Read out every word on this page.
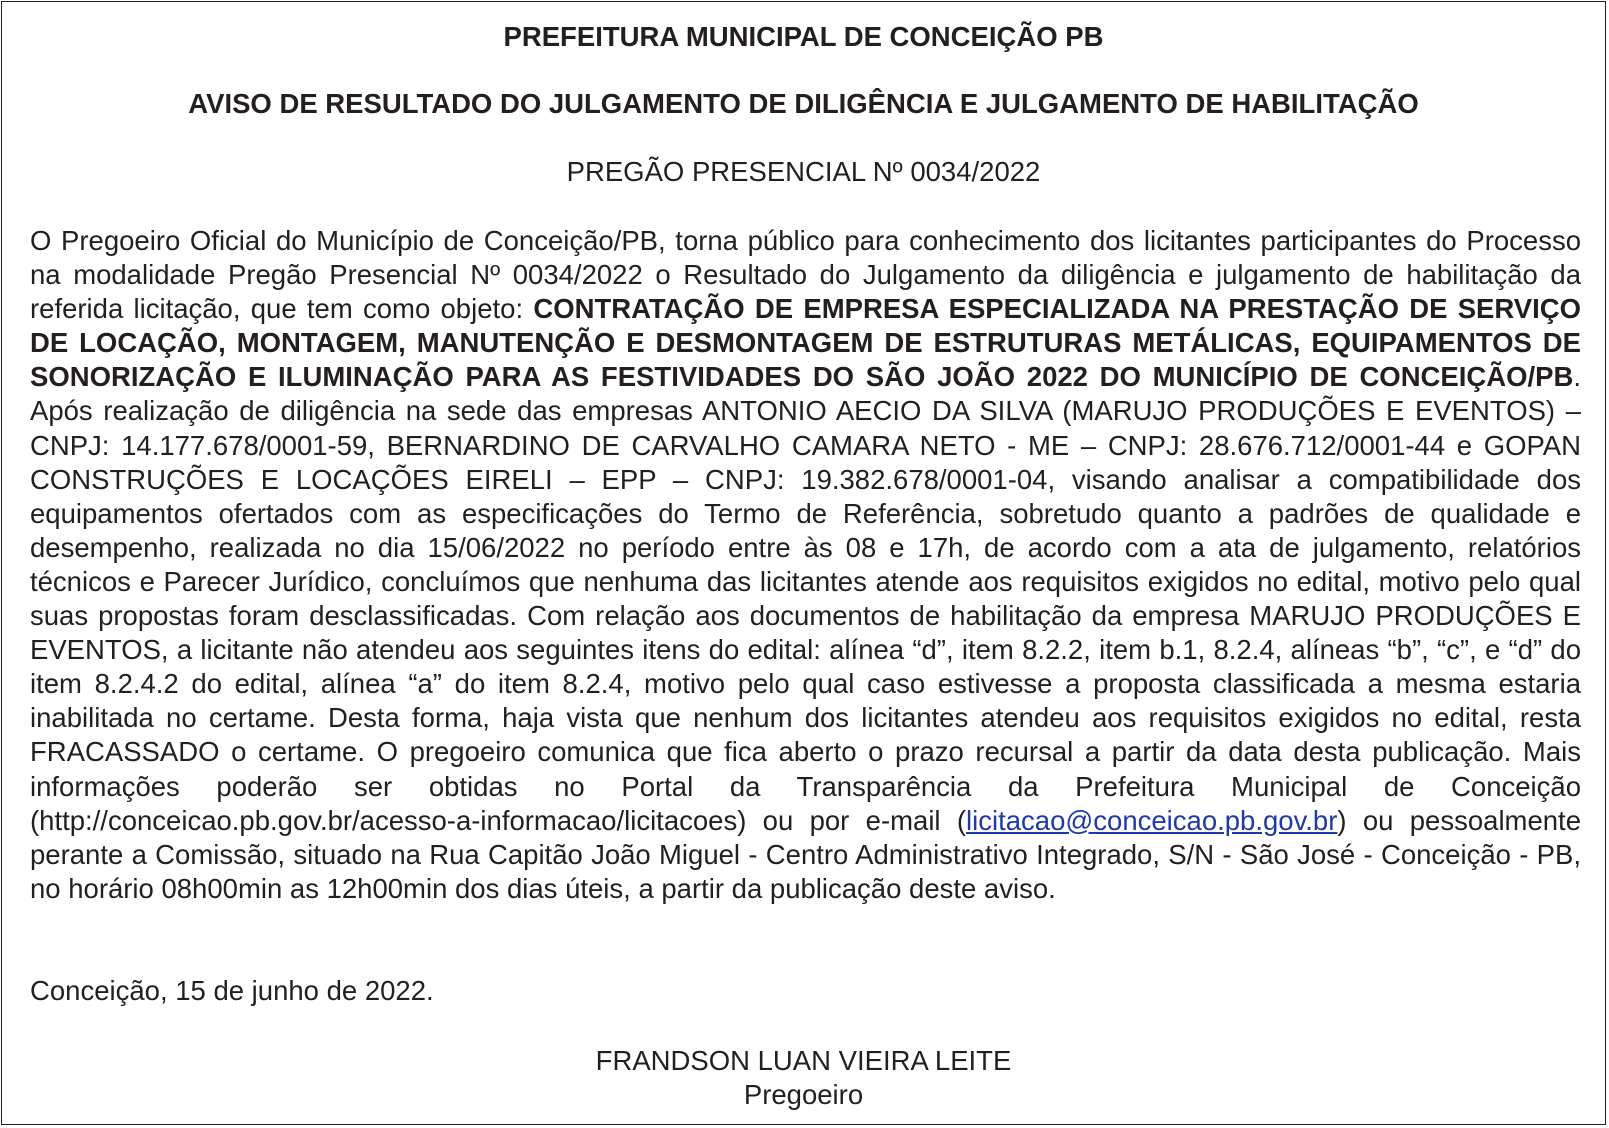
PREFEITURA MUNICIPAL DE CONCEIÇÃO PB
AVISO DE RESULTADO DO JULGAMENTO DE DILIGÊNCIA E JULGAMENTO DE HABILITAÇÃO
PREGÃO PRESENCIAL Nº 0034/2022

O Pregoeiro Oficial do Município de Conceição/PB, torna público para conhecimento dos licitantes participantes do Processo na modalidade Pregão Presencial Nº 0034/2022 o Resultado do Julgamento da diligência e julgamento de habilitação da referida licitação, que tem como objeto: CONTRATAÇÃO DE EMPRESA ESPECIALIZADA NA PRESTAÇÃO DE SERVIÇO DE LOCAÇÃO, MONTAGEM, MANUTENÇÃO E DESMONTAGEM DE ESTRUTURAS METÁLICAS, EQUIPAMENTOS DE SONORIZAÇÃO E ILUMINAÇÃO PARA AS FESTIVIDADES DO SÃO JOÃO 2022 DO MUNICÍPIO DE CONCEIÇÃO/PB. Após realização de diligência na sede das empresas ANTONIO AECIO DA SILVA (MARUJO PRODUÇÕES E EVENTOS) – CNPJ: 14.177.678/0001-59, BERNARDINO DE CARVALHO CAMARA NETO - ME – CNPJ: 28.676.712/0001-44 e GOPAN CONSTRUÇÕES E LOCAÇÕES EIRELI – EPP – CNPJ: 19.382.678/0001-04, visando analisar a compatibilidade dos equipamentos ofertados com as especificações do Termo de Referência, sobretudo quanto a padrões de qualidade e desempenho, realizada no dia 15/06/2022 no período entre às 08 e 17h, de acordo com a ata de julgamento, relatórios técnicos e Parecer Jurídico, concluímos que nenhuma das licitantes atende aos requisitos exigidos no edital, motivo pelo qual suas propostas foram desclassificadas. Com relação aos documentos de habilitação da empresa MARUJO PRODUÇÕES E EVENTOS, a licitante não atendeu aos seguintes itens do edital: alínea “d”, item 8.2.2, item b.1, 8.2.4, alíneas “b”, “c”, e “d” do item 8.2.4.2 do edital, alínea “a” do item 8.2.4, motivo pelo qual caso estivesse a proposta classificada a mesma estaria inabilitada no certame. Desta forma, haja vista que nenhum dos licitantes atendeu aos requisitos exigidos no edital, resta FRACASSADO o certame. O pregoeiro comunica que fica aberto o prazo recursal a partir da data desta publicação. Mais informações poderão ser obtidas no Portal da Transparência da Prefeitura Municipal de Conceição (http://conceicao.pb.gov.br/acesso-a-informacao/licitacoes) ou por e-mail (licitacao@conceicao.pb.gov.br) ou pessoalmente perante a Comissão, situado na Rua Capitão João Miguel - Centro Administrativo Integrado, S/N - São José - Conceição - PB, no horário 08h00min as 12h00min dos dias úteis, a partir da publicação deste aviso.

Conceição, 15 de junho de 2022.
FRANDSON LUAN VIEIRA LEITE
Pregoeiro
